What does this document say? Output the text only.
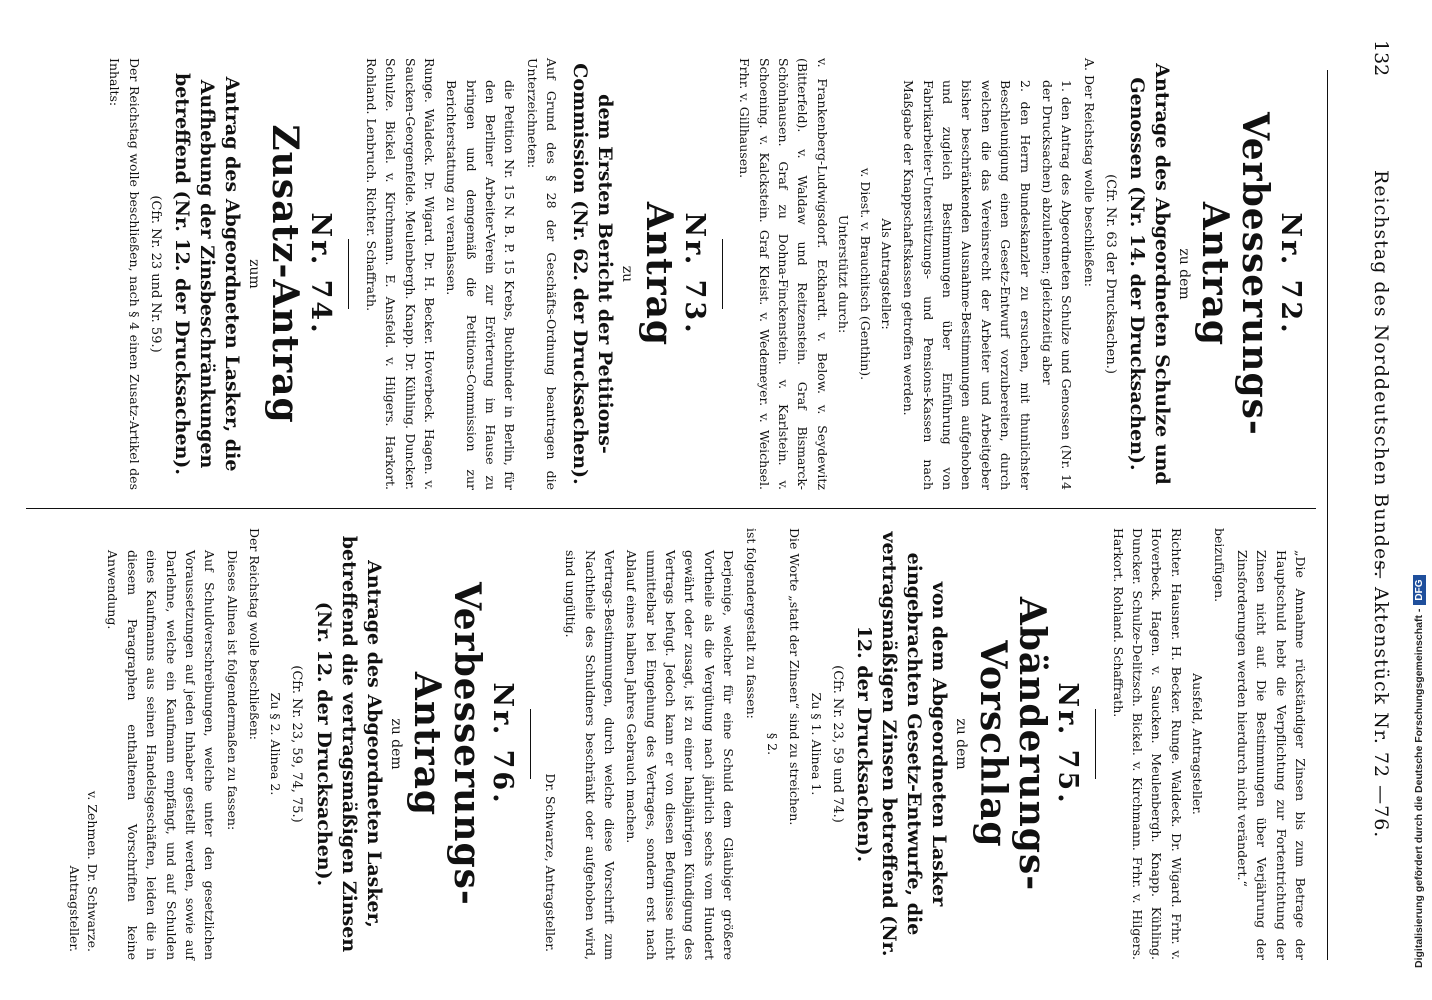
132
Reichstag des Norddeutschen Bundes.
— Aktenstück Nr. 72 —76.
Nr. 72.
Verbesserungs-Antrag
zu dem
Antrage des Abgeordneten Schulze und Genossen (Nr. 14. der Drucksachen).
(Cfr. Nr. 63 der Drucksachen.)
A. Der Reichstag wolle beschließen:
1. den Antrag des Abgeordneten Schulze und Genossen (Nr. 14 der Drucksachen) abzulehnen; gleichzeitig aber
2. den Herrn Bundeskanzler zu ersuchen, mit thunlichster Beschleunigung einen Gesetz-Entwurf vorzubereiten, durch welchen die das Vereinsrecht der Arbeiter und Arbeitgeber bisher beschränkenden Ausnahme-Bestimmungen aufgehoben und zugleich Bestimmungen über Einführung von Fabrikarbeiter-Unterstützungs- und Pensions-Kassen nach Maßgabe der Knappschaftskassen getroffen werden.
Als Antragsteller:
v. Diest. v. Brauchitsch (Genthin).
Unterstützt durch:
v. Frankenberg-Ludwigsdorf. Eckhardt. v. Below. v. Seydewitz (Bitterfeld). v. Waldaw und Reitzenstein. Graf Bismarck-Schönhausen. Graf zu Dohna-Finckenstein. v. Karlstein. v. Schoening. v. Kalckstein. Graf Kleist. v. Wedemeyer. v. Weichsel. Frhr. v. Gillhausen.
Nr. 73.
Antrag
zu
dem Ersten Bericht der Petitions-Commission (Nr. 62. der Drucksachen).
Auf Grund des § 28 der Geschäfts-Ordnung beantragen die Unterzeichneten:
die Petition Nr. 15 N. B. P. 15 Krebs, Buchbinder in Berlin, für den Berliner Arbeiter-Verein zur Erörterung im Hause zu bringen und demgemäß die Petitions-Commission zur Berichterstattung zu veranlassen.
Runge. Waldeck. Dr. Wigard. Dr. H. Becker. Hoverbeck. Hagen. v. Saucken-Georgenfelde. Meulenbergh. Knapp. Dr. Kühling. Duncker. Schulze. Bickel. v. Kirchmann. E. Ansfeld. v. Hilgers. Harkort. Rohland. Lenbruch. Richter. Schaffrath.
Nr. 74.
Zusatz-Antrag
zum
Antrag des Abgeordneten Lasker, die Aufhebung der Zinsbeschränkungen betreffend (Nr. 12. der Drucksachen).
(Cfr. Nr. 23 und Nr. 59.)
Der Reichstag wolle beschließen, nach § 4 einen Zusatz-Artikel des Inhalts:
„Die Annahme rückständiger Zinsen bis zum Betrage der Hauptschuld hebt die Verpflichtung zur Fortentrichtung der Zinsen nicht auf. Die Bestimmungen über Verjährung der Zinsforderungen werden hierdurch nicht verändert.“
beizufügen.
Ausfeld, Antragsteller.
Richter. Hausner. H. Becker. Runge. Waldeck. Dr. Wigard. Frhr. v. Hoverbeck. Hagen. v. Saucken. Meulenbergh. Knapp. Kühling. Duncker. Schulze-Delitzsch. Bickel. v. Kirchmann. Frhr. v. Hilgers. Harkort. Rohland. Schaffrath.
Nr. 75.
Abänderungs-Vorschlag
zu dem
von dem Abgeordneten Lasker eingebrachten Gesetz-Entwurfe, die vertragsmäßigen Zinsen betreffend (Nr. 12. der Drucksachen).
(Cfr. Nr. 23, 59 und 74.)
Zu § 1. Alinea 1.
Die Worte „statt der Zinsen“ sind zu streichen.
§ 2.
ist folgendergestalt zu fassen:
Derjenige, welcher für eine Schuld dem Gläubiger größere Vortheile als die Vergütung nach jährlich sechs vom Hundert gewährt oder zusagt, ist zu einer halbjährigen Kündigung des Vertrags befugt. Jedoch kann er von diesen Befugnisse nicht unmittelbar bei Eingehung des Vertrages, sondern erst nach Ablauf eines halben Jahres Gebrauch machen.
Vertrags-Bestimmungen, durch welche diese Vorschrift zum Nachtheile des Schuldners beschränkt oder aufgehoben wird, sind ungültig.
Dr. Schwarze, Antragsteller.
Nr. 76.
Verbesserungs-Antrag
zu dem
Antrage des Abgeordneten Lasker, betreffend die vertragsmäßigen Zinsen (Nr. 12. der Drucksachen).
(Cfr. Nr. 23, 59, 74, 75.)
Zu § 2. Alinea 2.
Der Reichstag wolle beschließen:
Dieses Alinea ist folgendermaßen zu fassen:
Auf Schuldverschreibungen, welche unter den gesetzlichen Voraussetzungen auf jeden Inhaber gestellt werden, sowie auf Darlehne, welche ein Kaufmann empfängt, und auf Schulden eines Kaufmanns aus seinen Handelsgeschäften, leiden die in diesem Paragraphen enthaltenen Vorschriften keine Anwendung.
v. Zehmen. Dr. Schwarze.
Antragsteller.	Digitalisierung gefördert durch die Deutsche Forschungsgemeinschaft -
DFG
